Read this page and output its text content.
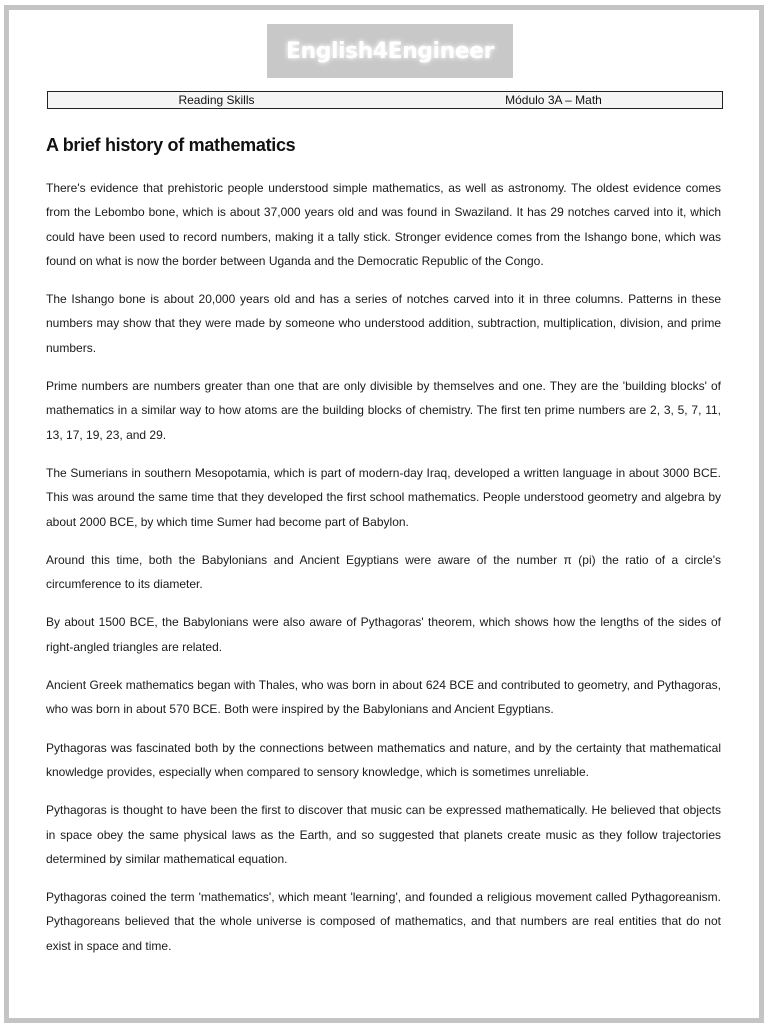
English4Engineer
Reading Skills	Módulo 3A – Math
A brief history of mathematics

There's evidence that prehistoric people understood simple mathematics, as well as astronomy. The oldest evidence comes from the Lebombo bone, which is about 37,000 years old and was found in Swaziland. It has 29 notches carved into it, which could have been used to record numbers, making it a tally stick. Stronger evidence comes from the Ishango bone, which was found on what is now the border between Uganda and the Democratic Republic of the Congo.

The Ishango bone is about 20,000 years old and has a series of notches carved into it in three columns. Patterns in these numbers may show that they were made by someone who understood addition, subtraction, multiplication, division, and prime numbers.

Prime numbers are numbers greater than one that are only divisible by themselves and one. They are the 'building blocks' of mathematics in a similar way to how atoms are the building blocks of chemistry. The first ten prime numbers are 2, 3, 5, 7, 11, 13, 17, 19, 23, and 29.

The Sumerians in southern Mesopotamia, which is part of modern-day Iraq, developed a written language in about 3000 BCE. This was around the same time that they developed the first school mathematics. People understood geometry and algebra by about 2000 BCE, by which time Sumer had become part of Babylon.

Around this time, both the Babylonians and Ancient Egyptians were aware of the number π (pi) the ratio of a circle's circumference to its diameter.

By about 1500 BCE, the Babylonians were also aware of Pythagoras' theorem, which shows how the lengths of the sides of right-angled triangles are related.

Ancient Greek mathematics began with Thales, who was born in about 624 BCE and contributed to geometry, and Pythagoras, who was born in about 570 BCE. Both were inspired by the Babylonians and Ancient Egyptians.

Pythagoras was fascinated both by the connections between mathematics and nature, and by the certainty that mathematical knowledge provides, especially when compared to sensory knowledge, which is sometimes unreliable.

Pythagoras is thought to have been the first to discover that music can be expressed mathematically. He believed that objects in space obey the same physical laws as the Earth, and so suggested that planets create music as they follow trajectories determined by similar mathematical equation.

Pythagoras coined the term 'mathematics', which meant 'learning', and founded a religious movement called Pythagoreanism. Pythagoreans believed that the whole universe is composed of mathematics, and that numbers are real entities that do not exist in space and time.
